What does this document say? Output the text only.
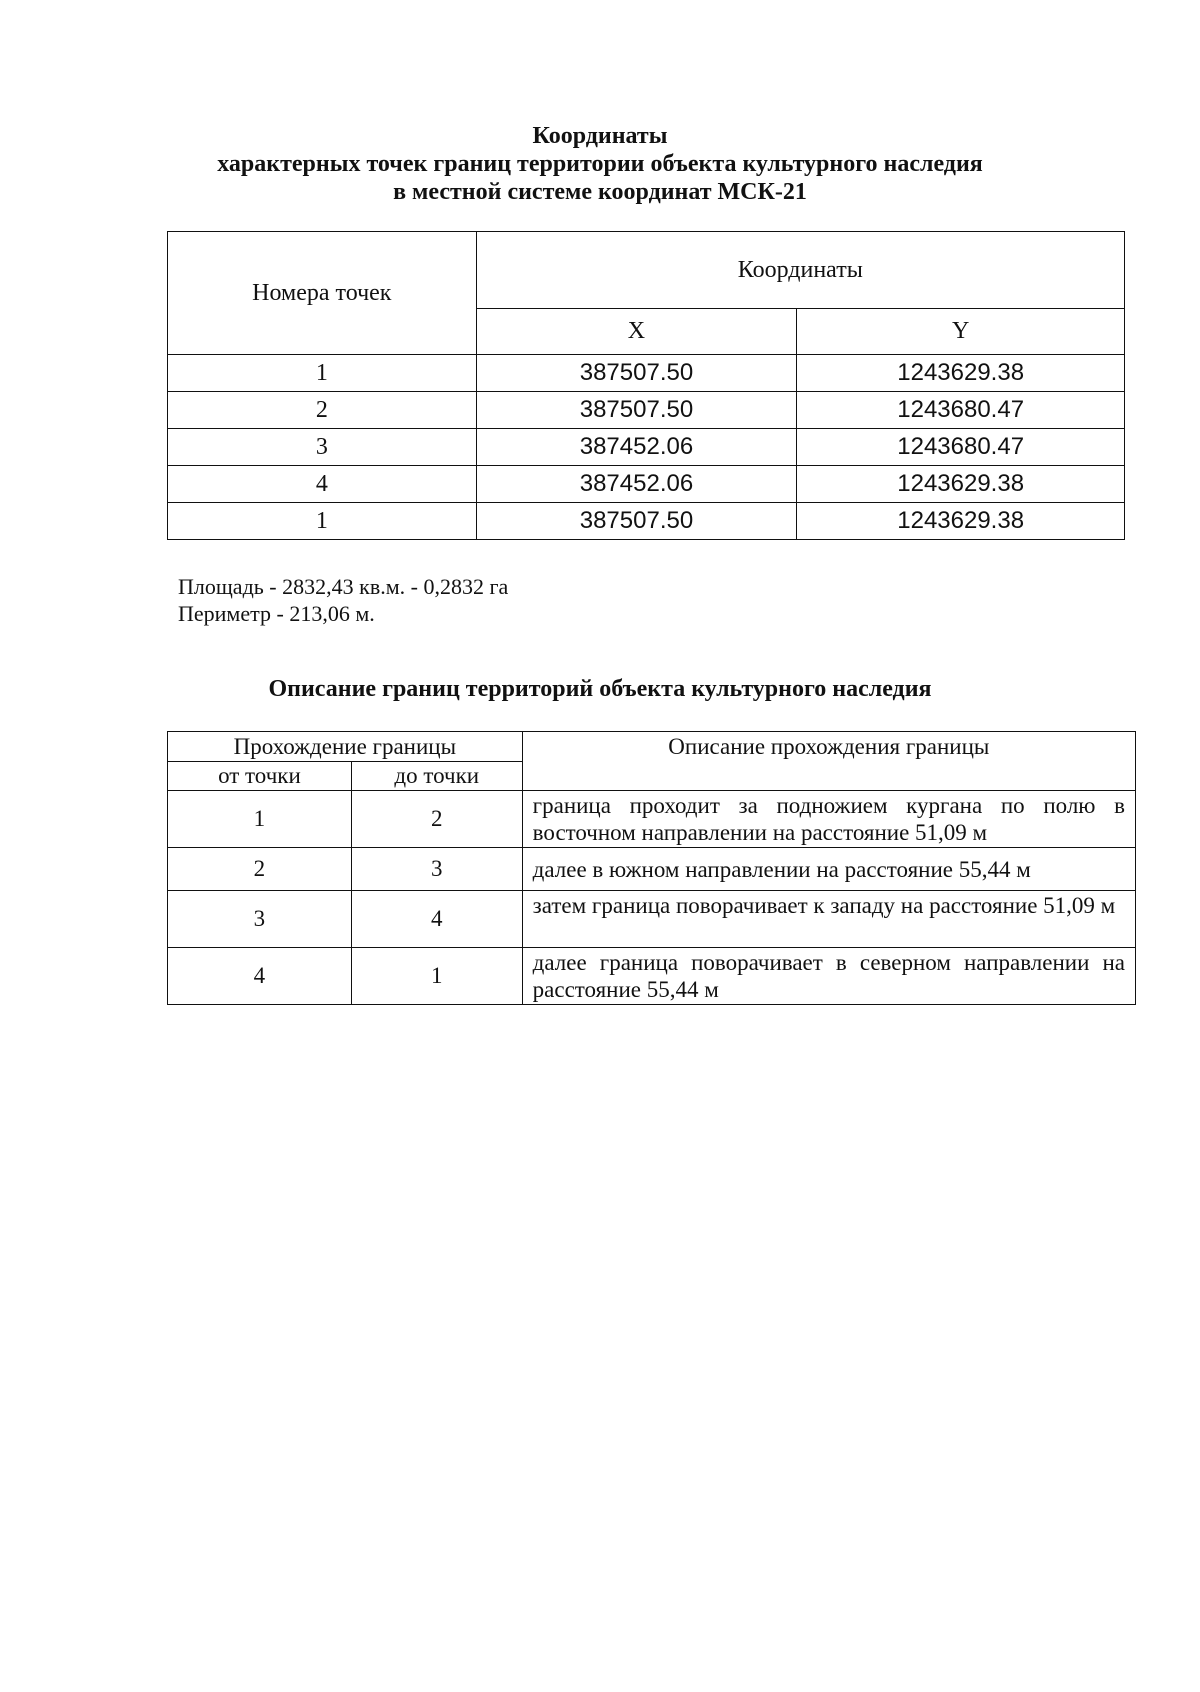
Координаты
характерных точек границ территории объекта культурного наследия
в местной системе координат МСК-21
Номера точек	Координаты	
	X	Y
1	387507.50	1243629.38
2	387507.50	1243680.47
3	387452.06	1243680.47
4	387452.06	1243629.38
1	387507.50	1243629.38
Площадь - 2832,43 кв.м. - 0,2832 га
Периметр - 213,06 м.
Описание границ территорий объекта культурного наследия
Прохождение границы		Описание прохождения границы
от точки	до точки	
1	2	граница проходит за подножием кургана по полю в восточном направлении на расстояние 51,09 м
2	3	далее в южном направлении на расстояние 55,44 м
3	4	затем граница поворачивает к западу на расстояние 51,09 м
4	1	далее граница поворачивает в северном направлении на расстояние 55,44 м
